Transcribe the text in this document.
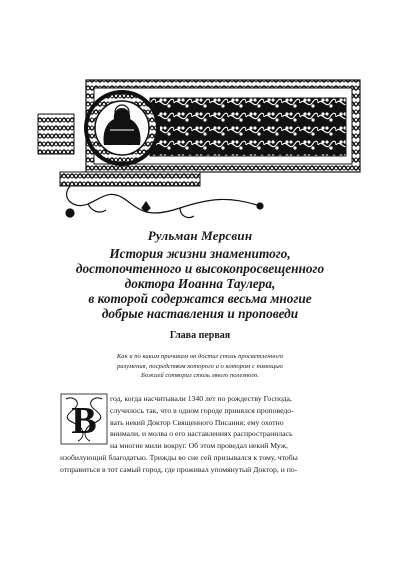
Рульман Мерсвин
История жизни знаменитого,
достопочтенного и высокопросвещенного
доктора Иоанна Таулера,
в которой содержатся весьма многие
добрые наставления и проповеди
Глава первая
Как и по каким причинам он достиг столь просветленного
разумения, посредством которого и о котором с помощью
Божией сотворил столь много полезного.
В
год, когда насчитывали 1340 лет по рождеству Господа,
случилось так, что в одном городе принялся проповедо-
вать некий Доктор Священного Писания; ему охотно
внимали, и молва о его наставлениях распространилась
на многие мили вокруг. Об этом проведал некий Муж,
изобилующий благодатью. Трижды во сне сей призывался к тому, чтобы
отправиться в тот самый город, где проживал упомянутый Доктор, и по-
